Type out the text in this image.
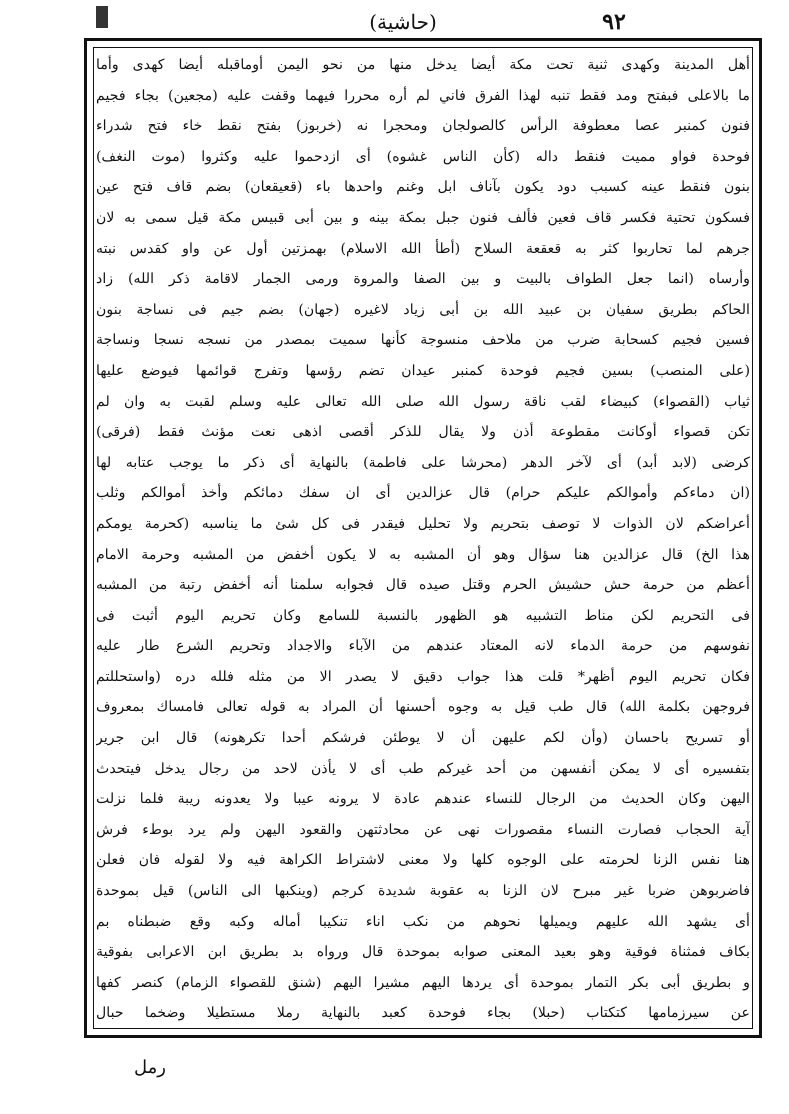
(حاشية)	٩٢
أهل المدينة وكهدى ثنية تحت مكة أيضا يدخل منها من نحو اليمن أوماقبله أيضا كهدى وأما
ما بالاعلى فبفتح ومد فقط تنبه لهذا الفرق فاني لم أره محررا فيهما وقفت عليه (مجعين) بجاء فجيم
فنون كمنبر عصا معطوفة الرأس كالصولجان ومحجرا نه (خربوز) بفتح نقط خاء فتح شدراء
فوحدة فواو مميت فنقط داله (كأن الناس غشوه) أى ازدحموا عليه وكثروا (موت النغف)
بنون فنقط عينه كسبب دود يكون بآناف ابل وغنم واحدها باء (قعيقعان) بضم قاف فتح عين
فسكون تحتية فكسر قاف فعين فألف فنون جبل بمكة بينه و بين أبى قبيس مكة قيل سمى به لان
جرهم لما تحاربوا كثر به قعقعة السلاح (أطأ الله الاسلام) بهمزتين أول عن واو كقدس نبته
وأرساه (انما جعل الطواف بالبيت و بين الصفا والمروة ورمى الجمار لاقامة ذكر الله) زاد
الحاكم بطريق سفيان بن عبيد الله بن أبى زياد لاغيره (جهان) بضم جيم فى نساجة بنون
فسين فجيم كسحابة ضرب من ملاحف منسوجة كأنها سميت بمصدر من نسجه نسجا ونساجة
(على المنصب) بسين فجيم فوحدة كمنبر عيدان تضم رؤسها وتفرج قوائمها فيوضع عليها
ثياب (القصواء) كبيضاء لقب ناقة رسول الله صلى الله تعالى عليه وسلم لقبت به وان لم
تكن قصواء أوكانت مقطوعة أذن ولا يقال للذكر أقصى اذهى نعت مؤنث فقط (فرقى)
كرضى (لابد أبد) أى لآخر الدهر (محرشا على فاطمة) بالنهاية أى ذكر ما يوجب عتابه لها
(ان دماءكم وأموالكم عليكم حرام) قال عزالدين أى ان سفك دمائكم وأخذ أموالكم وثلب
أعراضكم لان الذوات لا توصف بتحريم ولا تحليل فيقدر فى كل شئ ما يناسبه (كحرمة يومكم
هذا الخ) قال عزالدين هنا سؤال وهو أن المشبه به لا يكون أخفض من المشبه وحرمة الامام
أعظم من حرمة حش حشيش الحرم وقتل صيده قال فجوابه سلمنا أنه أخفض رتبة من المشبه
فى التحريم لكن مناط التشبيه هو الظهور بالنسبة للسامع وكان تحريم اليوم أثبت فى
نفوسهم من حرمة الدماء لانه المعتاد عندهم من الآباء والاجداد وتحريم الشرع طار عليه
فكان تحريم اليوم أظهر* قلت هذا جواب دقيق لا يصدر الا من مثله فلله دره (واستحللتم
فروجهن بكلمة الله) قال طب قيل به وجوه أحسنها أن المراد به قوله تعالى فامساك بمعروف
أو تسريح باحسان (وأن لكم عليهن أن لا يوطئن فرشكم أحدا تكرهونه) قال ابن جرير
بتفسيره أى لا يمكن أنفسهن من أحد غيركم طب أى لا يأذن لاحد من رجال يدخل فيتحدث
اليهن وكان الحديث من الرجال للنساء عندهم عادة لا يرونه عيبا ولا يعدونه ريبة فلما نزلت
آية الحجاب فصارت النساء مقصورات نهى عن محادثتهن والقعود اليهن ولم يرد بوطء فرش
هنا نفس الزنا لحرمته على الوجوه كلها ولا معنى لاشتراط الكراهة فيه ولا لقوله فان فعلن
فاضربوهن ضربا غير مبرح لان الزنا به عقوبة شديدة كرجم (وينكبها الى الناس) قيل بموحدة
أى يشهد الله عليهم ويميلها نحوهم من نكب اناء تنكيبا أماله وكبه وقع ضبطناه بم
بكاف فمثناة فوقية وهو بعيد المعنى صوابه بموحدة قال ورواه بد بطريق ابن الاعرابى بفوقية
و بطريق أبى بكر التمار بموحدة أى يردها اليهم مشيرا اليهم (شنق للقصواء الزمام) كنصر كفها
عن سيرزمامها كتكتاب (حبلا) بجاء فوحدة كعبد بالنهاية رملا مستطيلا وضخما حبال
رمل
